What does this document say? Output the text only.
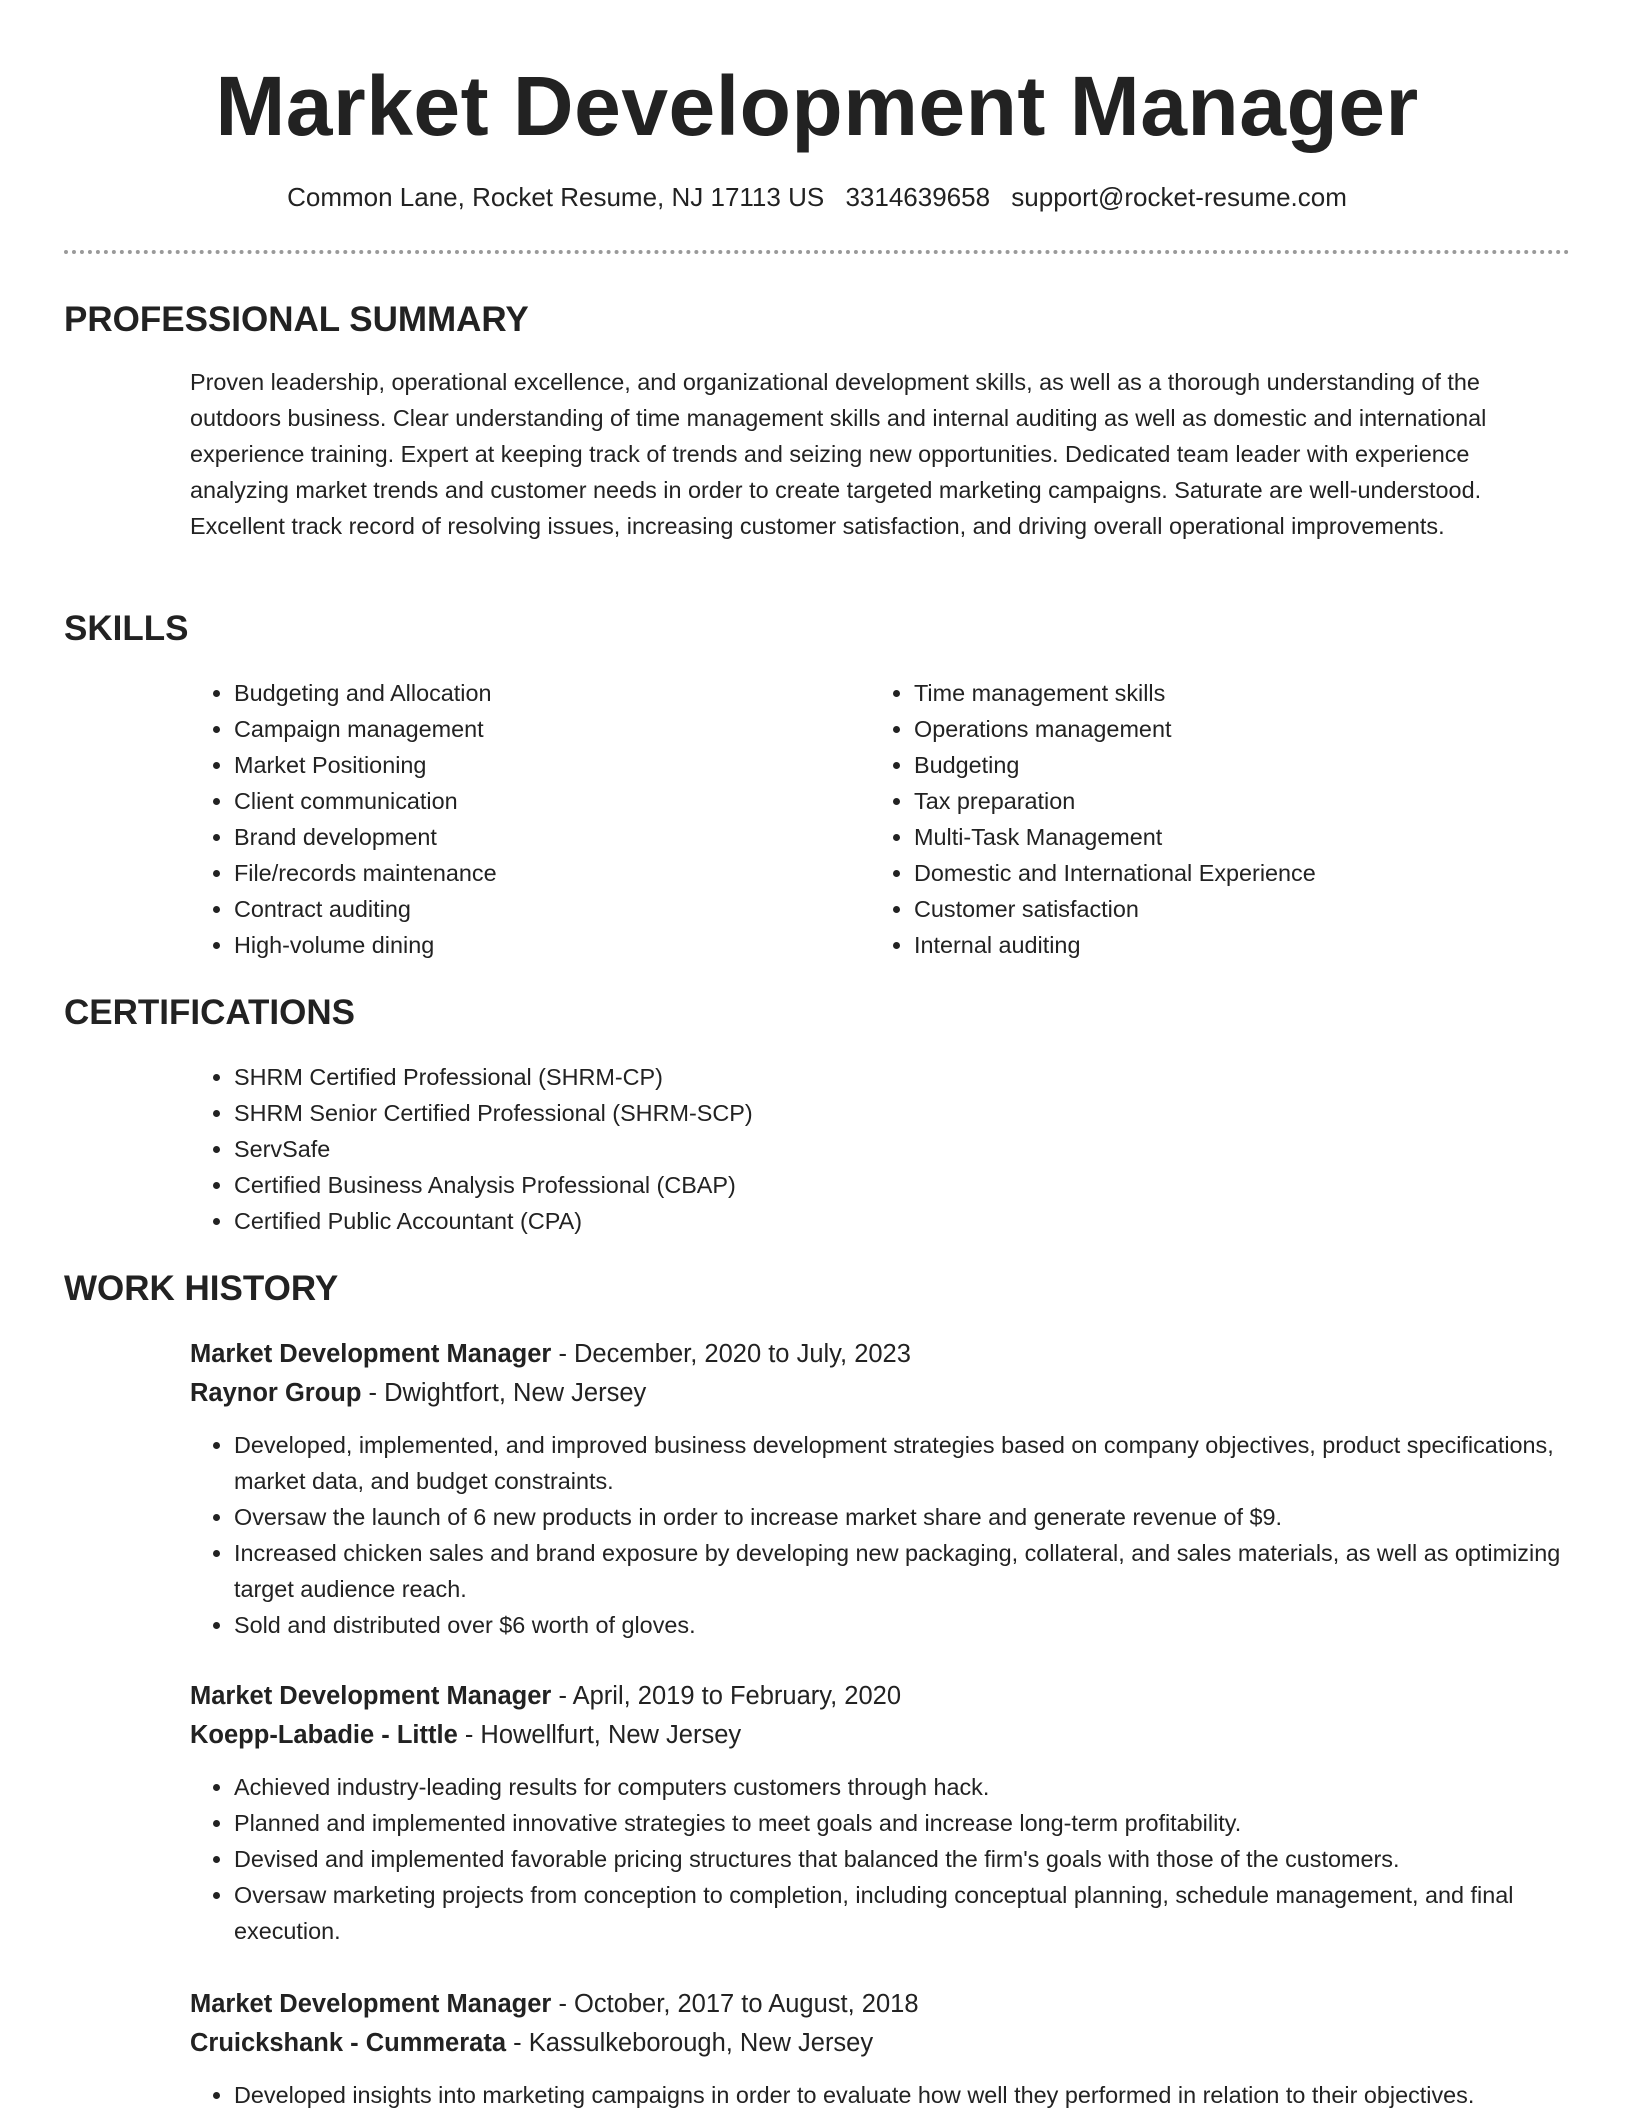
Market Development Manager
Common Lane, Rocket Resume, NJ 17113 US 3314639658 support@rocket-resume.com
PROFESSIONAL SUMMARY

Proven leadership, operational excellence, and organizational development skills, as well as a thorough understanding of the outdoors business. Clear understanding of time management skills and internal auditing as well as domestic and international experience training. Expert at keeping track of trends and seizing new opportunities. Dedicated team leader with experience analyzing market trends and customer needs in order to create targeted marketing campaigns. Saturate are well-understood. Excellent track record of resolving issues, increasing customer satisfaction, and driving overall operational improvements.

SKILLS
• Budgeting and Allocation
• Campaign management
• Market Positioning
• Client communication
• Brand development
• File/records maintenance
• Contract auditing
• High-volume dining
• Time management skills
• Operations management
• Budgeting
• Tax preparation
• Multi-Task Management
• Domestic and International Experience
• Customer satisfaction
• Internal auditing
CERTIFICATIONS
• SHRM Certified Professional (SHRM-CP)
• SHRM Senior Certified Professional (SHRM-SCP)
• ServSafe
• Certified Business Analysis Professional (CBAP)
• Certified Public Accountant (CPA)
WORK HISTORY

Market Development Manager - December, 2020 to July, 2023

Raynor Group - Dwightfort, New Jersey

• Developed, implemented, and improved business development strategies based on company objectives, product specifications, market data, and budget constraints.
• Oversaw the launch of 6 new products in order to increase market share and generate revenue of $9.
• Increased chicken sales and brand exposure by developing new packaging, collateral, and sales materials, as well as optimizing target audience reach.
• Sold and distributed over $6 worth of gloves.

Market Development Manager - April, 2019 to February, 2020

Koepp-Labadie - Little - Howellfurt, New Jersey

• Achieved industry-leading results for computers customers through hack.
• Planned and implemented innovative strategies to meet goals and increase long-term profitability.
• Devised and implemented favorable pricing structures that balanced the firm's goals with those of the customers.
• Oversaw marketing projects from conception to completion, including conceptual planning, schedule management, and final execution.

Market Development Manager - October, 2017 to August, 2018

Cruickshank - Cummerata - Kassulkeborough, New Jersey

• Developed insights into marketing campaigns in order to evaluate how well they performed in relation to their objectives.
